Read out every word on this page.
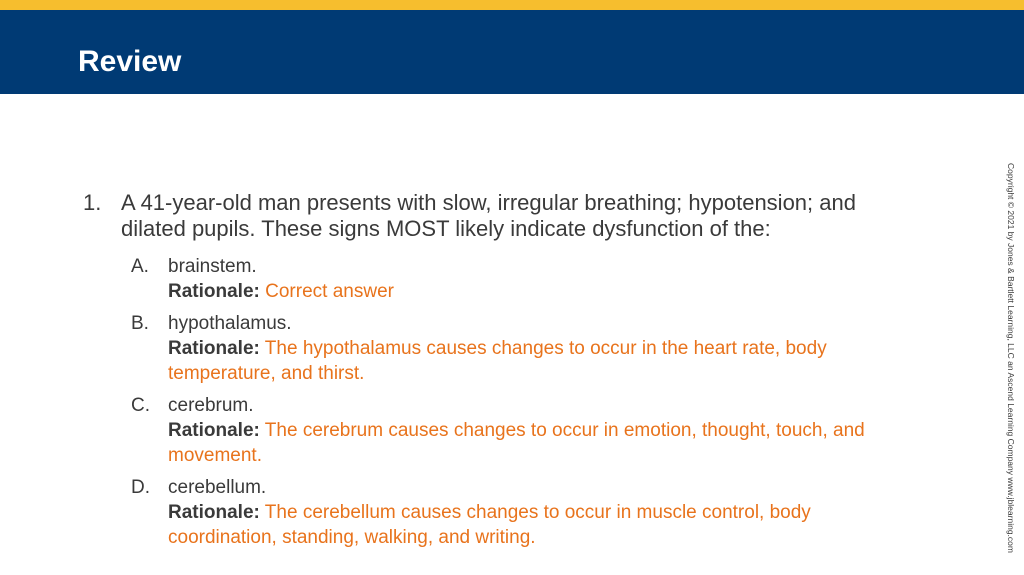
Review
1. A 41-year-old man presents with slow, irregular breathing; hypotension; and dilated pupils. These signs MOST likely indicate dysfunction of the:
A. brainstem.
Rationale: Correct answer
B. hypothalamus.
Rationale: The hypothalamus causes changes to occur in the heart rate, body temperature, and thirst.
C. cerebrum.
Rationale: The cerebrum causes changes to occur in emotion, thought, touch, and movement.
D. cerebellum.
Rationale: The cerebellum causes changes to occur in muscle control, body coordination, standing, walking, and writing.	Copyright © 2021 by Jones & Bartlett Learning, LLC an Ascend Learning Company www.jblearning.com
